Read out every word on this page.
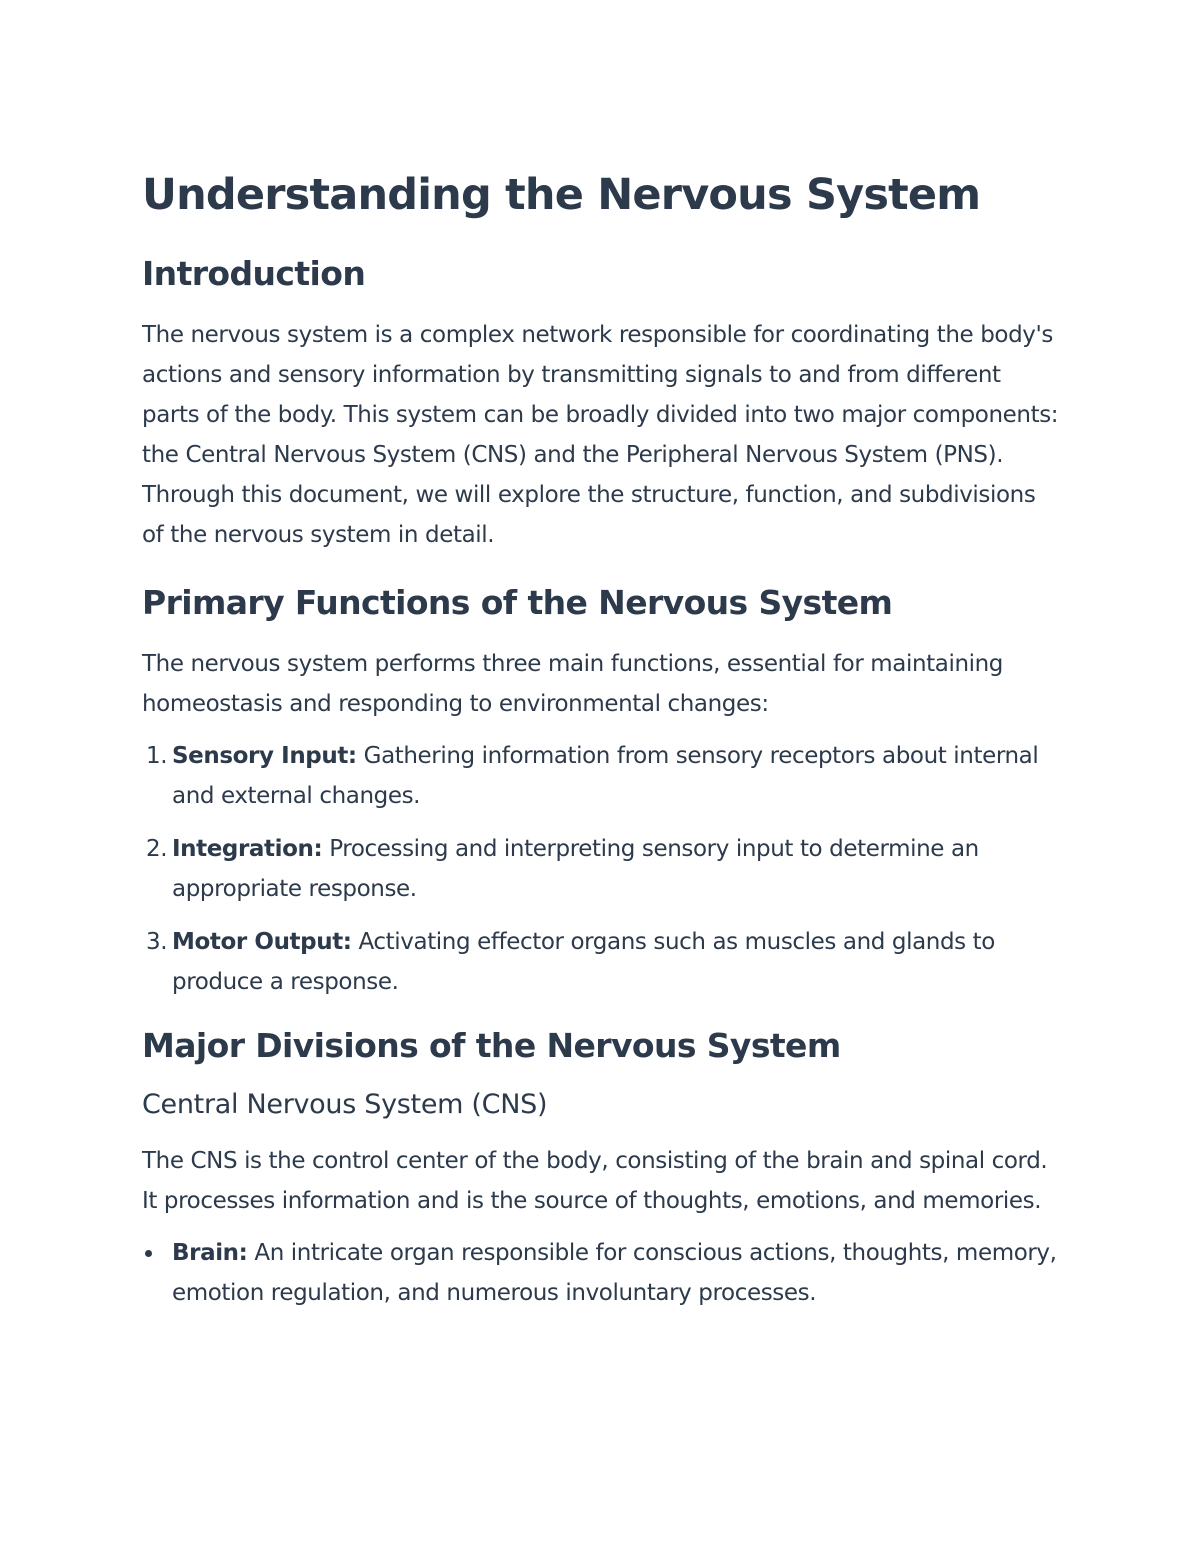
Understanding the Nervous System
Introduction

The nervous system is a complex network responsible for coordinating the body's actions and sensory information by transmitting signals to and from different parts of the body. This system can be broadly divided into two major components: the Central Nervous System (CNS) and the Peripheral Nervous System (PNS). Through this document, we will explore the structure, function, and subdivisions of the nervous system in detail.

Primary Functions of the Nervous System

The nervous system performs three main functions, essential for maintaining homeostasis and responding to environmental changes:

1. Sensory Input: Gathering information from sensory receptors about internal and external changes.
2. Integration: Processing and interpreting sensory input to determine an appropriate response.
3. Motor Output: Activating effector organs such as muscles and glands to produce a response.
Major Divisions of the Nervous System
Central Nervous System (CNS)

The CNS is the control center of the body, consisting of the brain and spinal cord. It processes information and is the source of thoughts, emotions, and memories.

Brain: An intricate organ responsible for conscious actions, thoughts, memory, emotion regulation, and numerous involuntary processes.
